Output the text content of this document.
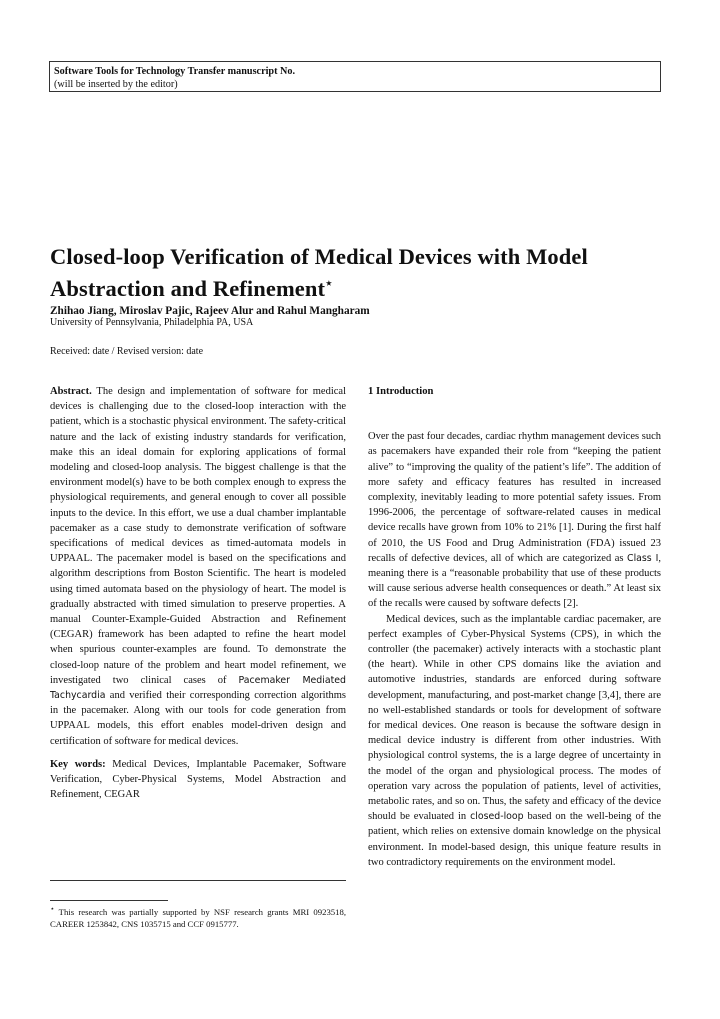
Software Tools for Technology Transfer manuscript No.
(will be inserted by the editor)
Closed-loop Verification of Medical Devices with Model
Abstraction and Refinement⋆
Zhihao Jiang, Miroslav Pajic, Rajeev Alur and Rahul Mangharam
University of Pennsylvania, Philadelphia PA, USA
Received: date / Revised version: date

Abstract. The design and implementation of software for medical devices is challenging due to the closed-loop interaction with the patient, which is a stochastic physical environment. The safety-critical nature and the lack of existing industry standards for verification, make this an ideal domain for exploring applications of formal modeling and closed-loop analysis. The biggest challenge is that the environment model(s) have to be both complex enough to express the physiological requirements, and general enough to cover all possible inputs to the device. In this effort, we use a dual chamber implantable pacemaker as a case study to demonstrate verification of software specifications of medical devices as timed-automata models in UPPAAL. The pacemaker model is based on the specifications and algorithm descriptions from Boston Scientific. The heart is modeled using timed automata based on the physiology of heart. The model is gradually abstracted with timed simulation to preserve properties. A manual Counter-Example-Guided Abstraction and Refinement (CEGAR) framework has been adapted to refine the heart model when spurious counter-examples are found. To demonstrate the closed-loop nature of the problem and heart model refinement, we investigated two clinical cases of Pacemaker Mediated Tachycardia and verified their corresponding correction algorithms in the pacemaker. Along with our tools for code generation from UPPAAL models, this effort enables model-driven design and certification of software for medical devices.

Key words: Medical Devices, Implantable Pacemaker, Software Verification, Cyber-Physical Systems, Model Abstraction and Refinement, CEGAR

⋆ This research was partially supported by NSF research grants MRI 0923518, CAREER 1253842, CNS 1035715 and CCF 0915777.
1 Introduction

Over the past four decades, cardiac rhythm management devices such as pacemakers have expanded their role from “keeping the patient alive” to “improving the quality of the patient’s life”. The addition of more safety and efficacy features has resulted in increased complexity, inevitably leading to more potential safety issues. From 1996-2006, the percentage of software-related causes in medical device recalls have grown from 10% to 21% [1]. During the first half of 2010, the US Food and Drug Administration (FDA) issued 23 recalls of defective devices, all of which are categorized as Class I, meaning there is a “reasonable probability that use of these products will cause serious adverse health consequences or death.” At least six of the recalls were caused by software defects [2].

Medical devices, such as the implantable cardiac pacemaker, are perfect examples of Cyber-Physical Systems (CPS), in which the controller (the pacemaker) actively interacts with a stochastic plant (the heart). While in other CPS domains like the aviation and automotive industries, standards are enforced during software development, manufacturing, and post-market change [3,4], there are no well-established standards or tools for development of software for medical devices. One reason is because the software design in medical device industry is different from other industries. With physiological control systems, the is a large degree of uncertainty in the model of the organ and physiological process. The modes of operation vary across the population of patients, level of activities, metabolic rates, and so on. Thus, the safety and efficacy of the device should be evaluated in closed-loop based on the well-being of the patient, which relies on extensive domain knowledge on the physical environment. In model-based design, this unique feature results in two contradictory requirements on the environment model.
